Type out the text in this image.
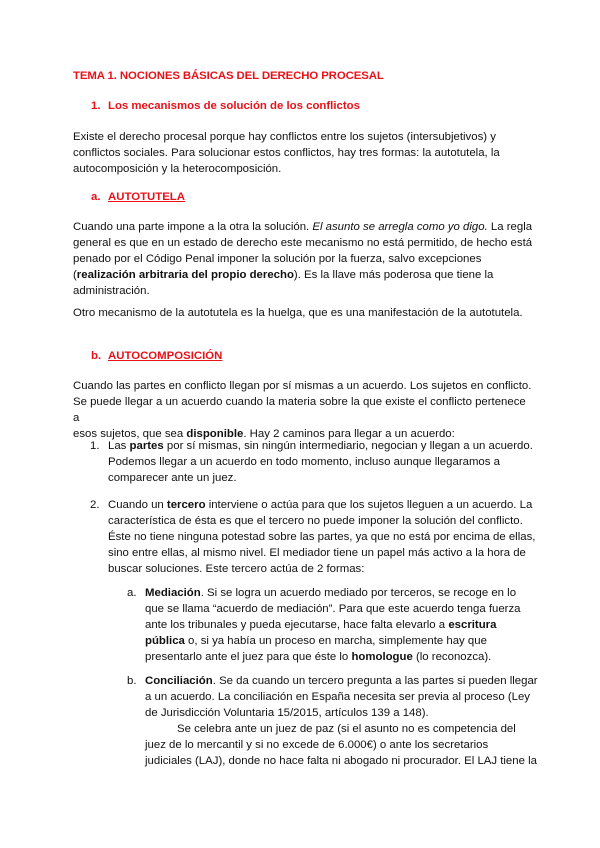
TEMA 1. NOCIONES BÁSICAS DEL DERECHO PROCESAL
1. Los mecanismos de solución de los conflictos
Existe el derecho procesal porque hay conflictos entre los sujetos (intersubjetivos) y
conflictos sociales. Para solucionar estos conflictos, hay tres formas: la autotutela, la
autocomposición y la heterocomposición.
a. AUTOTUTELA
Cuando una parte impone a la otra la solución. El asunto se arregla como yo digo. La regla
general es que en un estado de derecho este mecanismo no está permitido, de hecho está
penado por el Código Penal imponer la solución por la fuerza, salvo excepciones
(realización arbitraria del propio derecho). Es la llave más poderosa que tiene la
administración.
Otro mecanismo de la autotutela es la huelga, que es una manifestación de la autotutela.
b. AUTOCOMPOSICIÓN
Cuando las partes en conflicto llegan por sí mismas a un acuerdo. Los sujetos en conflicto.
Se puede llegar a un acuerdo cuando la materia sobre la que existe el conflicto pertenece a
esos sujetos, que sea disponible. Hay 2 caminos para llegar a un acuerdo:
1. Las partes por sí mismas, sin ningún intermediario, negocian y llegan a un acuerdo.
Podemos llegar a un acuerdo en todo momento, incluso aunque llegaramos a
comparecer ante un juez.
2. Cuando un tercero interviene o actúa para que los sujetos lleguen a un acuerdo. La
característica de ésta es que el tercero no puede imponer la solución del conflicto.
Éste no tiene ninguna potestad sobre las partes, ya que no está por encima de ellas,
sino entre ellas, al mismo nivel. El mediador tiene un papel más activo a la hora de
buscar soluciones. Este tercero actúa de 2 formas:
a. Mediación. Si se logra un acuerdo mediado por terceros, se recoge en lo
que se llama “acuerdo de mediación”. Para que este acuerdo tenga fuerza
ante los tribunales y pueda ejecutarse, hace falta elevarlo a escritura
pública o, si ya había un proceso en marcha, simplemente hay que
presentarlo ante el juez para que éste lo homologue (lo reconozca).
b. Conciliación. Se da cuando un tercero pregunta a las partes si pueden llegar
a un acuerdo. La conciliación en España necesita ser previa al proceso (Ley
de Jurisdicción Voluntaria 15/2015, artículos 139 a 148).
Se celebra ante un juez de paz (si el asunto no es competencia del
juez de lo mercantil y si no excede de 6.000€) o ante los secretarios
judiciales (LAJ), donde no hace falta ni abogado ni procurador. El LAJ tiene la
